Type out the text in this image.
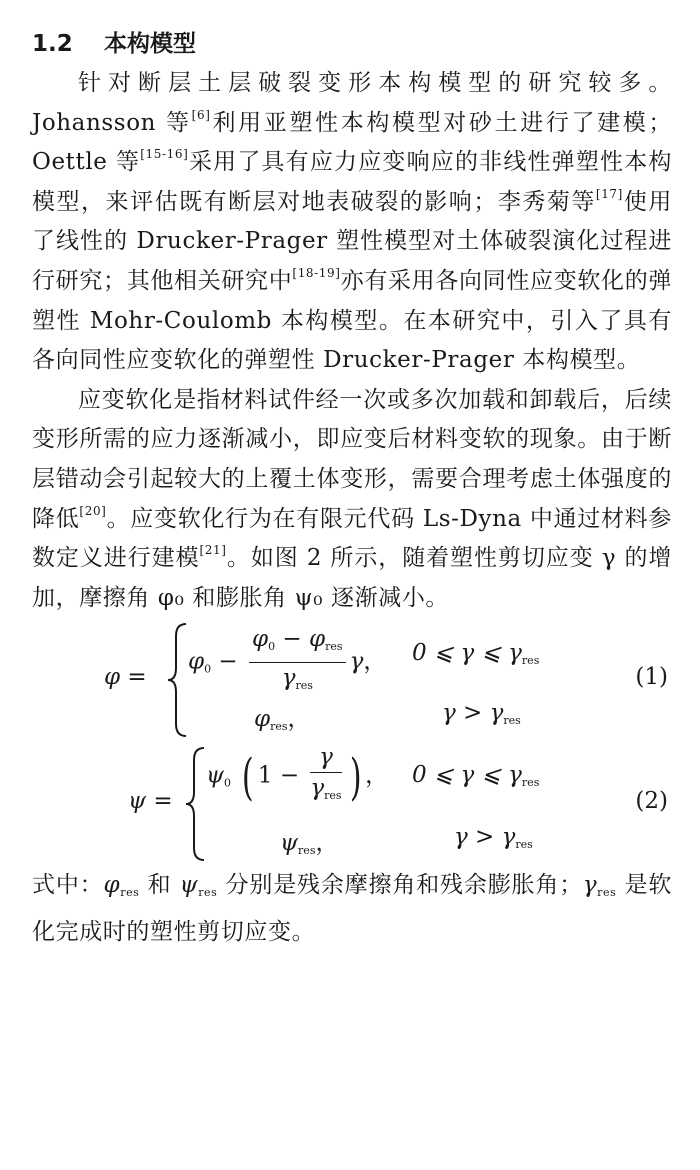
1.2 本构模型

针对断层土层破裂变形本构模型的研究较多。Johansson 等[6]利用亚塑性本构模型对砂土进行了建模；Oettle 等[15-16]采用了具有应力应变响应的非线性弹塑性本构模型，来评估既有断层对地表破裂的影响；李秀菊等[17]使用了线性的 Drucker-Prager 塑性模型对土体破裂演化过程进行研究；其他相关研究中[18-19]亦有采用各向同性应变软化的弹塑性 Mohr-Coulomb 本构模型。在本研究中，引入了具有各向同性应变软化的弹塑性 Drucker-Prager 本构模型。

应变软化是指材料试件经一次或多次加载和卸载后，后续变形所需的应力逐渐减小，即应变后材料变软的现象。由于断层错动会引起较大的上覆土体变形，需要合理考虑土体强度的降低[20]。应变软化行为在有限元代码 Ls-Dyna 中通过材料参数定义进行建模[21]。如图 2 所示，随着塑性剪切应变 γ 的增加，摩擦角 φ₀ 和膨胀角 ψ₀ 逐渐减小。

φ =
$\varphi 0 - \frac{\text{φ0 − φres}}{\text{γres}}$ γ， 0 ⩽ γ ⩽ γres
φres，	γ > γres
(1)
ψ =
ψ0 ( $1 - \frac{\gamma}{\text{γres}}$ ) ， 0 ⩽ γ ⩽ γres
ψres，	γ > γres
(2)

式中：φres 和 ψres 分别是残余摩擦角和残余膨胀角；γres 是软化完成时的塑性剪切应变。
